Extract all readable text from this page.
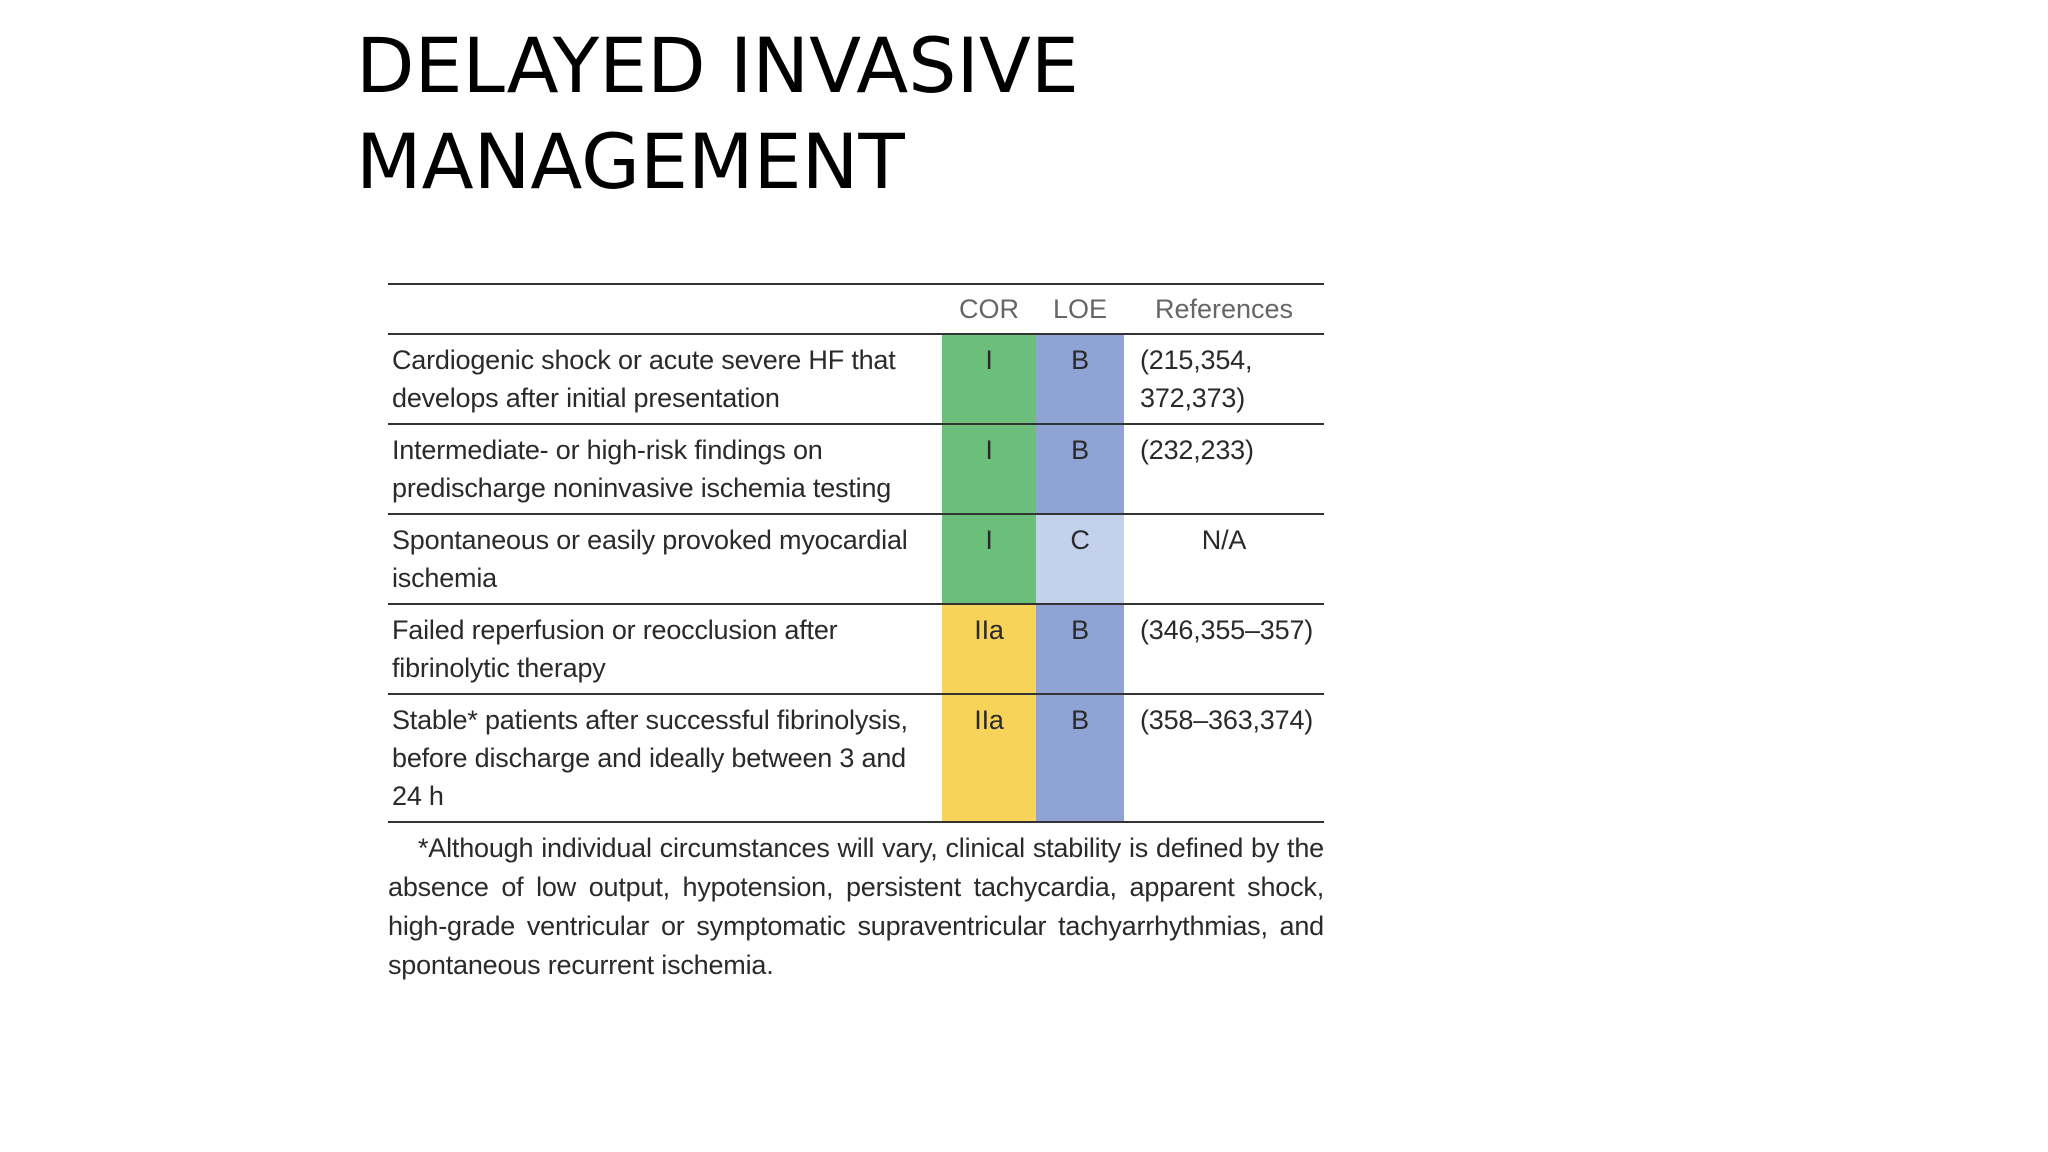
DELAYED INVASIVE
MANAGEMENT
	COR	LOE	References
Cardiogenic shock or acute severe HF that develops after initial presentation	I	B	(215,354,
372,373)
Intermediate- or high-risk findings on predischarge noninvasive ischemia testing	I	B	(232,233)
Spontaneous or easily provoked myocardial ischemia	I	C	N/A
Failed reperfusion or reocclusion after fibrinolytic therapy	IIa	B	(346,355–357)
Stable* patients after successful fibrinolysis, before discharge and ideally between 3 and 24 h	IIa	B	(358–363,374)

*Although individual circumstances will vary, clinical stability is defined by the absence of low output, hypotension, persistent tachycardia, apparent shock, high-grade ventricular or symptomatic supraventricular tachyarrhythmias, and spontaneous recurrent ischemia.
